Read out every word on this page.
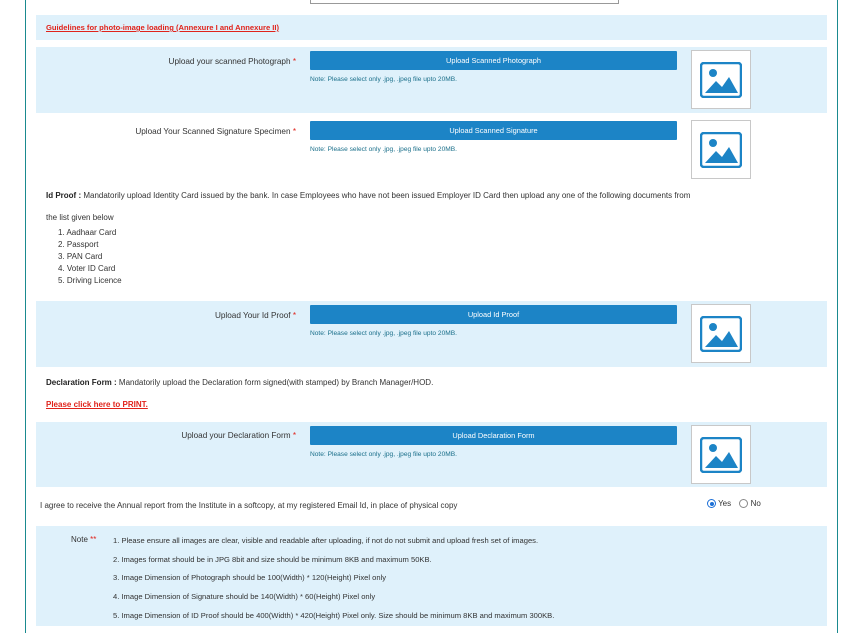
Guidelines for photo-image loading (Annexure I and Annexure II)
Upload your scanned Photograph *	Upload Scanned Photograph
Note: Please select only .jpg, .jpeg file upto 20MB.
Upload Your Scanned Signature Specimen *	Upload Scanned Signature
Note: Please select only .jpg, .jpeg file upto 20MB.
Id Proof : Mandatorily upload Identity Card issued by the bank. In case Employees who have not been issued Employer ID Card then upload any one of the following documents from
the list given below
1. Aadhaar Card
2. Passport
3. PAN Card
4. Voter ID Card
5. Driving Licence
Upload Your Id Proof *	Upload Id Proof
Note: Please select only .jpg, .jpeg file upto 20MB.
Declaration Form : Mandatorily upload the Declaration form signed(with stamped) by Branch Manager/HOD.
Please click here to PRINT.
Upload your Declaration Form *	Upload Declaration Form
Note: Please select only .jpg, .jpeg file upto 20MB.
I agree to receive the Annual report from the Institute in a softcopy, at my registered Email Id, in place of physical copy	Yes No
Note ** 1. Please ensure all images are clear, visible and readable after uploading, if not do not submit and upload fresh set of images.
2. Images format should be in JPG 8bit and size should be minimum 8KB and maximum 50KB.
3. Image Dimension of Photograph should be 100(Width) * 120(Height) Pixel only
4. Image Dimension of Signature should be 140(Width) * 60(Height) Pixel only
5. Image Dimension of ID Proof should be 400(Width) * 420(Height) Pixel only. Size should be minimum 8KB and maximum 300KB.
